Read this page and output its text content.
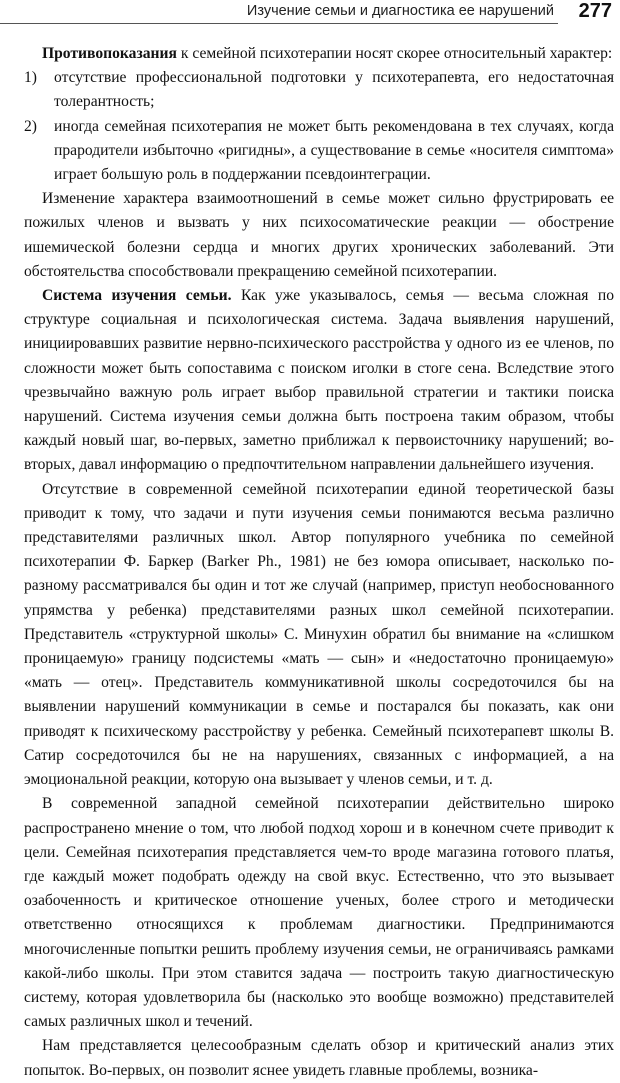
Изучение семьи и диагностика ее нарушений 277

Противопоказания к семейной психотерапии носят скорее относительный характер:

1) отсутствие профессиональной подготовки у психотерапевта, его недостаточная толерантность;
2) иногда семейная психотерапия не может быть рекомендована в тех случаях, когда прародители избыточно «ригидны», а существование в семье «носителя симптома» играет большую роль в поддержании псевдоинтеграции.

Изменение характера взаимоотношений в семье может сильно фрустрировать ее пожилых членов и вызвать у них психосоматические реакции — обострение ишемической болезни сердца и многих других хронических заболеваний. Эти обстоятельства способствовали прекращению семейной психотерапии.

Система изучения семьи. Как уже указывалось, семья — весьма сложная по структуре социальная и психологическая система. Задача выявления нарушений, инициировавших развитие нервно-психического расстройства у одного из ее членов, по сложности может быть сопоставима с поиском иголки в стоге сена. Вследствие этого чрезвычайно важную роль играет выбор правильной стратегии и тактики поиска нарушений. Система изучения семьи должна быть построена таким образом, чтобы каждый новый шаг, во-первых, заметно приближал к первоисточнику нарушений; во-вторых, давал информацию о предпочтительном направлении дальнейшего изучения.

Отсутствие в современной семейной психотерапии единой теоретической базы приводит к тому, что задачи и пути изучения семьи понимаются весьма различно представителями различных школ. Автор популярного учебника по семейной психотерапии Ф. Баркер (Barker Ph., 1981) не без юмора описывает, насколько по-разному рассматривался бы один и тот же случай (например, приступ необоснованного упрямства у ребенка) представителями разных школ семейной психотерапии. Представитель «структурной школы» С. Минухин обратил бы внимание на «слишком проницаемую» границу подсистемы «мать — сын» и «недостаточно проницаемую» «мать — отец». Представитель коммуникативной школы сосредоточился бы на выявлении нарушений коммуникации в семье и постарался бы показать, как они приводят к психическому расстройству у ребенка. Семейный психотерапевт школы В. Сатир сосредоточился бы не на нарушениях, связанных с информацией, а на эмоциональной реакции, которую она вызывает у членов семьи, и т. д.

В современной западной семейной психотерапии действительно широко распространено мнение о том, что любой подход хорош и в конечном счете приводит к цели. Семейная психотерапия представляется чем-то вроде магазина готового платья, где каждый может подобрать одежду на свой вкус. Естественно, что это вызывает озабоченность и критическое отношение ученых, более строго и методически ответственно относящихся к проблемам диагностики. Предпринимаются многочисленные попытки решить проблему изучения семьи, не ограничиваясь рамками какой-либо школы. При этом ставится задача — построить такую диагностическую систему, которая удовлетворила бы (насколько это вообще возможно) представителей самых различных школ и течений.

Нам представляется целесообразным сделать обзор и критический анализ этих попыток. Во-первых, он позволит яснее увидеть главные проблемы, возника-
